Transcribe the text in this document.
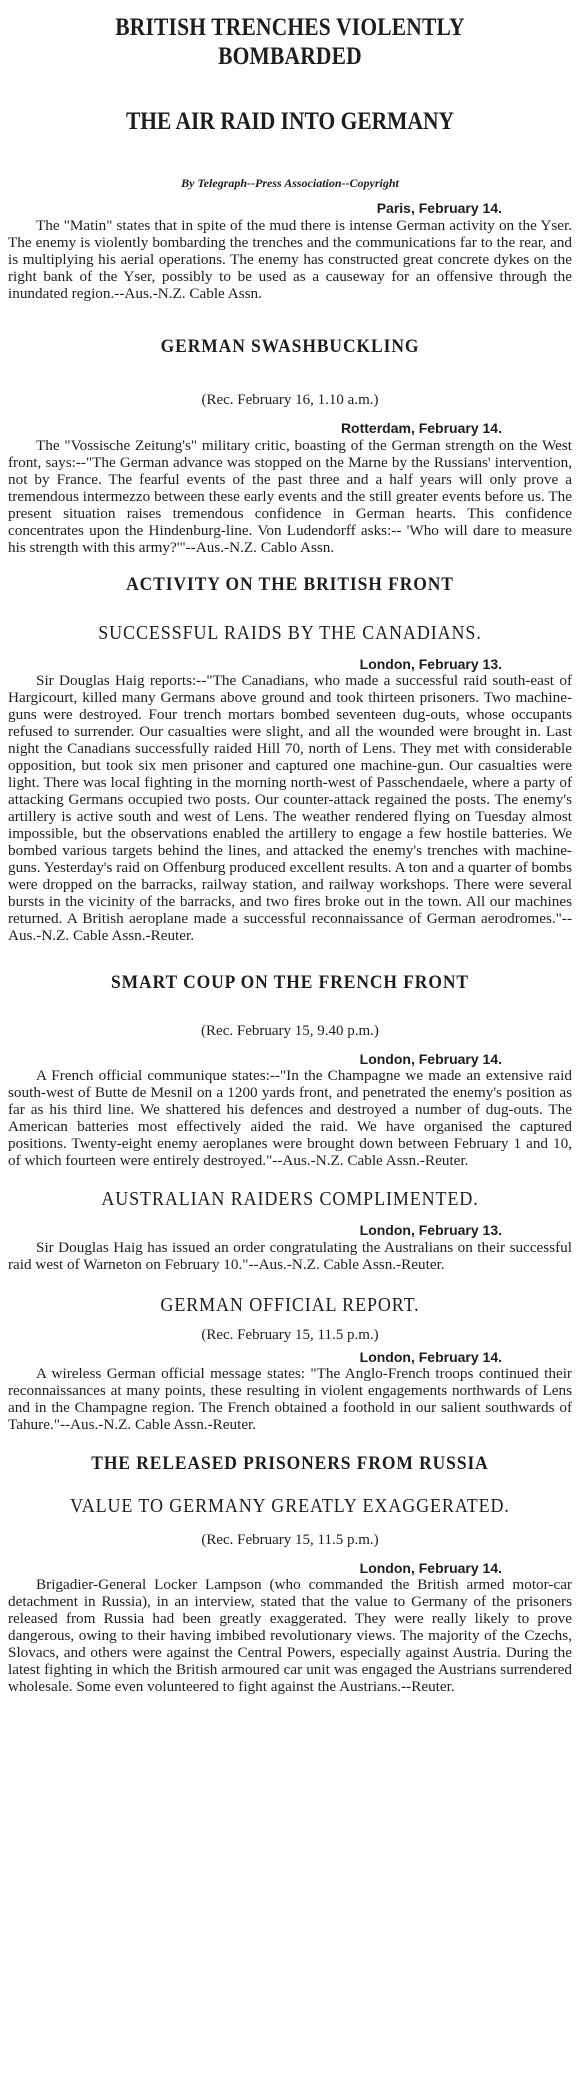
BRITISH TRENCHES VIOLENTLY BOMBARDED
THE AIR RAID INTO GERMANY

By Telegraph--Press Association--Copyright

Paris, February 14.

The "Matin" states that in spite of the mud there is intense German activity on the Yser. The enemy is violently bombarding the trenches and the communications far to the rear, and is multiplying his aerial operations. The enemy has constructed great concrete dykes on the right bank of the Yser, possibly to be used as a causeway for an offensive through the inundated region.--Aus.-N.Z. Cable Assn.

GERMAN SWASHBUCKLING

(Rec. February 16, 1.10 a.m.)

Rotterdam, February 14.

The "Vossische Zeitung's" military critic, boasting of the German strength on the West front, says:--"The German advance was stopped on the Marne by the Russians' intervention, not by France. The fearful events of the past three and a half years will only prove a tremendous intermezzo between these early events and the still greater events before us. The present situation raises tremendous confidence in German hearts. This confidence concentrates upon the Hindenburg-line. Von Ludendorff asks:-- 'Who will dare to measure his strength with this army?'"--Aus.-N.Z. Cablo Assn.

ACTIVITY ON THE BRITISH FRONT

SUCCESSFUL RAIDS BY THE CANADIANS.

London, February 13.

Sir Douglas Haig reports:--"The Canadians, who made a successful raid south-east of Hargicourt, killed many Germans above ground and took thirteen prisoners. Two machine-guns were destroyed. Four trench mortars bombed seventeen dug-outs, whose occupants refused to surrender. Our casualties were slight, and all the wounded were brought in. Last night the Canadians successfully raided Hill 70, north of Lens. They met with considerable opposition, but took six men prisoner and captured one machine-gun. Our casualties were light. There was local fighting in the morning north-west of Passchendaele, where a party of attacking Germans occupied two posts. Our counter-attack regained the posts. The enemy's artillery is active south and west of Lens. The weather rendered flying on Tuesday almost impossible, but the observations enabled the artillery to engage a few hostile batteries. We bombed various targets behind the lines, and attacked the enemy's trenches with machine-guns. Yesterday's raid on Offenburg produced excellent results. A ton and a quarter of bombs were dropped on the barracks, railway station, and railway workshops. There were several bursts in the vicinity of the barracks, and two fires broke out in the town. All our machines returned. A British aeroplane made a successful reconnaissance of German aerodromes."--Aus.-N.Z. Cable Assn.-Reuter.

SMART COUP ON THE FRENCH FRONT

(Rec. February 15, 9.40 p.m.)

London, February 14.

A French official communique states:--"In the Champagne we made an extensive raid south-west of Butte de Mesnil on a 1200 yards front, and penetrated the enemy's position as far as his third line. We shattered his defences and destroyed a number of dug-outs. The American batteries most effectively aided the raid. We have organised the captured positions. Twenty-eight enemy aeroplanes were brought down between February 1 and 10, of which fourteen were entirely destroyed."--Aus.-N.Z. Cable Assn.-Reuter.

AUSTRALIAN RAIDERS COMPLIMENTED.

London, February 13.

Sir Douglas Haig has issued an order congratulating the Australians on their successful raid west of Warneton on February 10."--Aus.-N.Z. Cable Assn.-Reuter.

GERMAN OFFICIAL REPORT.

(Rec. February 15, 11.5 p.m.)

London, February 14.

A wireless German official message states: "The Anglo-French troops continued their reconnaissances at many points, these resulting in violent engagements northwards of Lens and in the Champagne region. The French obtained a foothold in our salient southwards of Tahure."--Aus.-N.Z. Cable Assn.-Reuter.

THE RELEASED PRISONERS FROM RUSSIA

VALUE TO GERMANY GREATLY EXAGGERATED.

(Rec. February 15, 11.5 p.m.)

London, February 14.

Brigadier-General Locker Lampson (who commanded the British armed motor-car detachment in Russia), in an interview, stated that the value to Germany of the prisoners released from Russia had been greatly exaggerated. They were really likely to prove dangerous, owing to their having imbibed revolutionary views. The majority of the Czechs, Slovacs, and others were against the Central Powers, especially against Austria. During the latest fighting in which the British armoured car unit was engaged the Austrians surrendered wholesale. Some even volunteered to fight against the Austrians.--Reuter.
